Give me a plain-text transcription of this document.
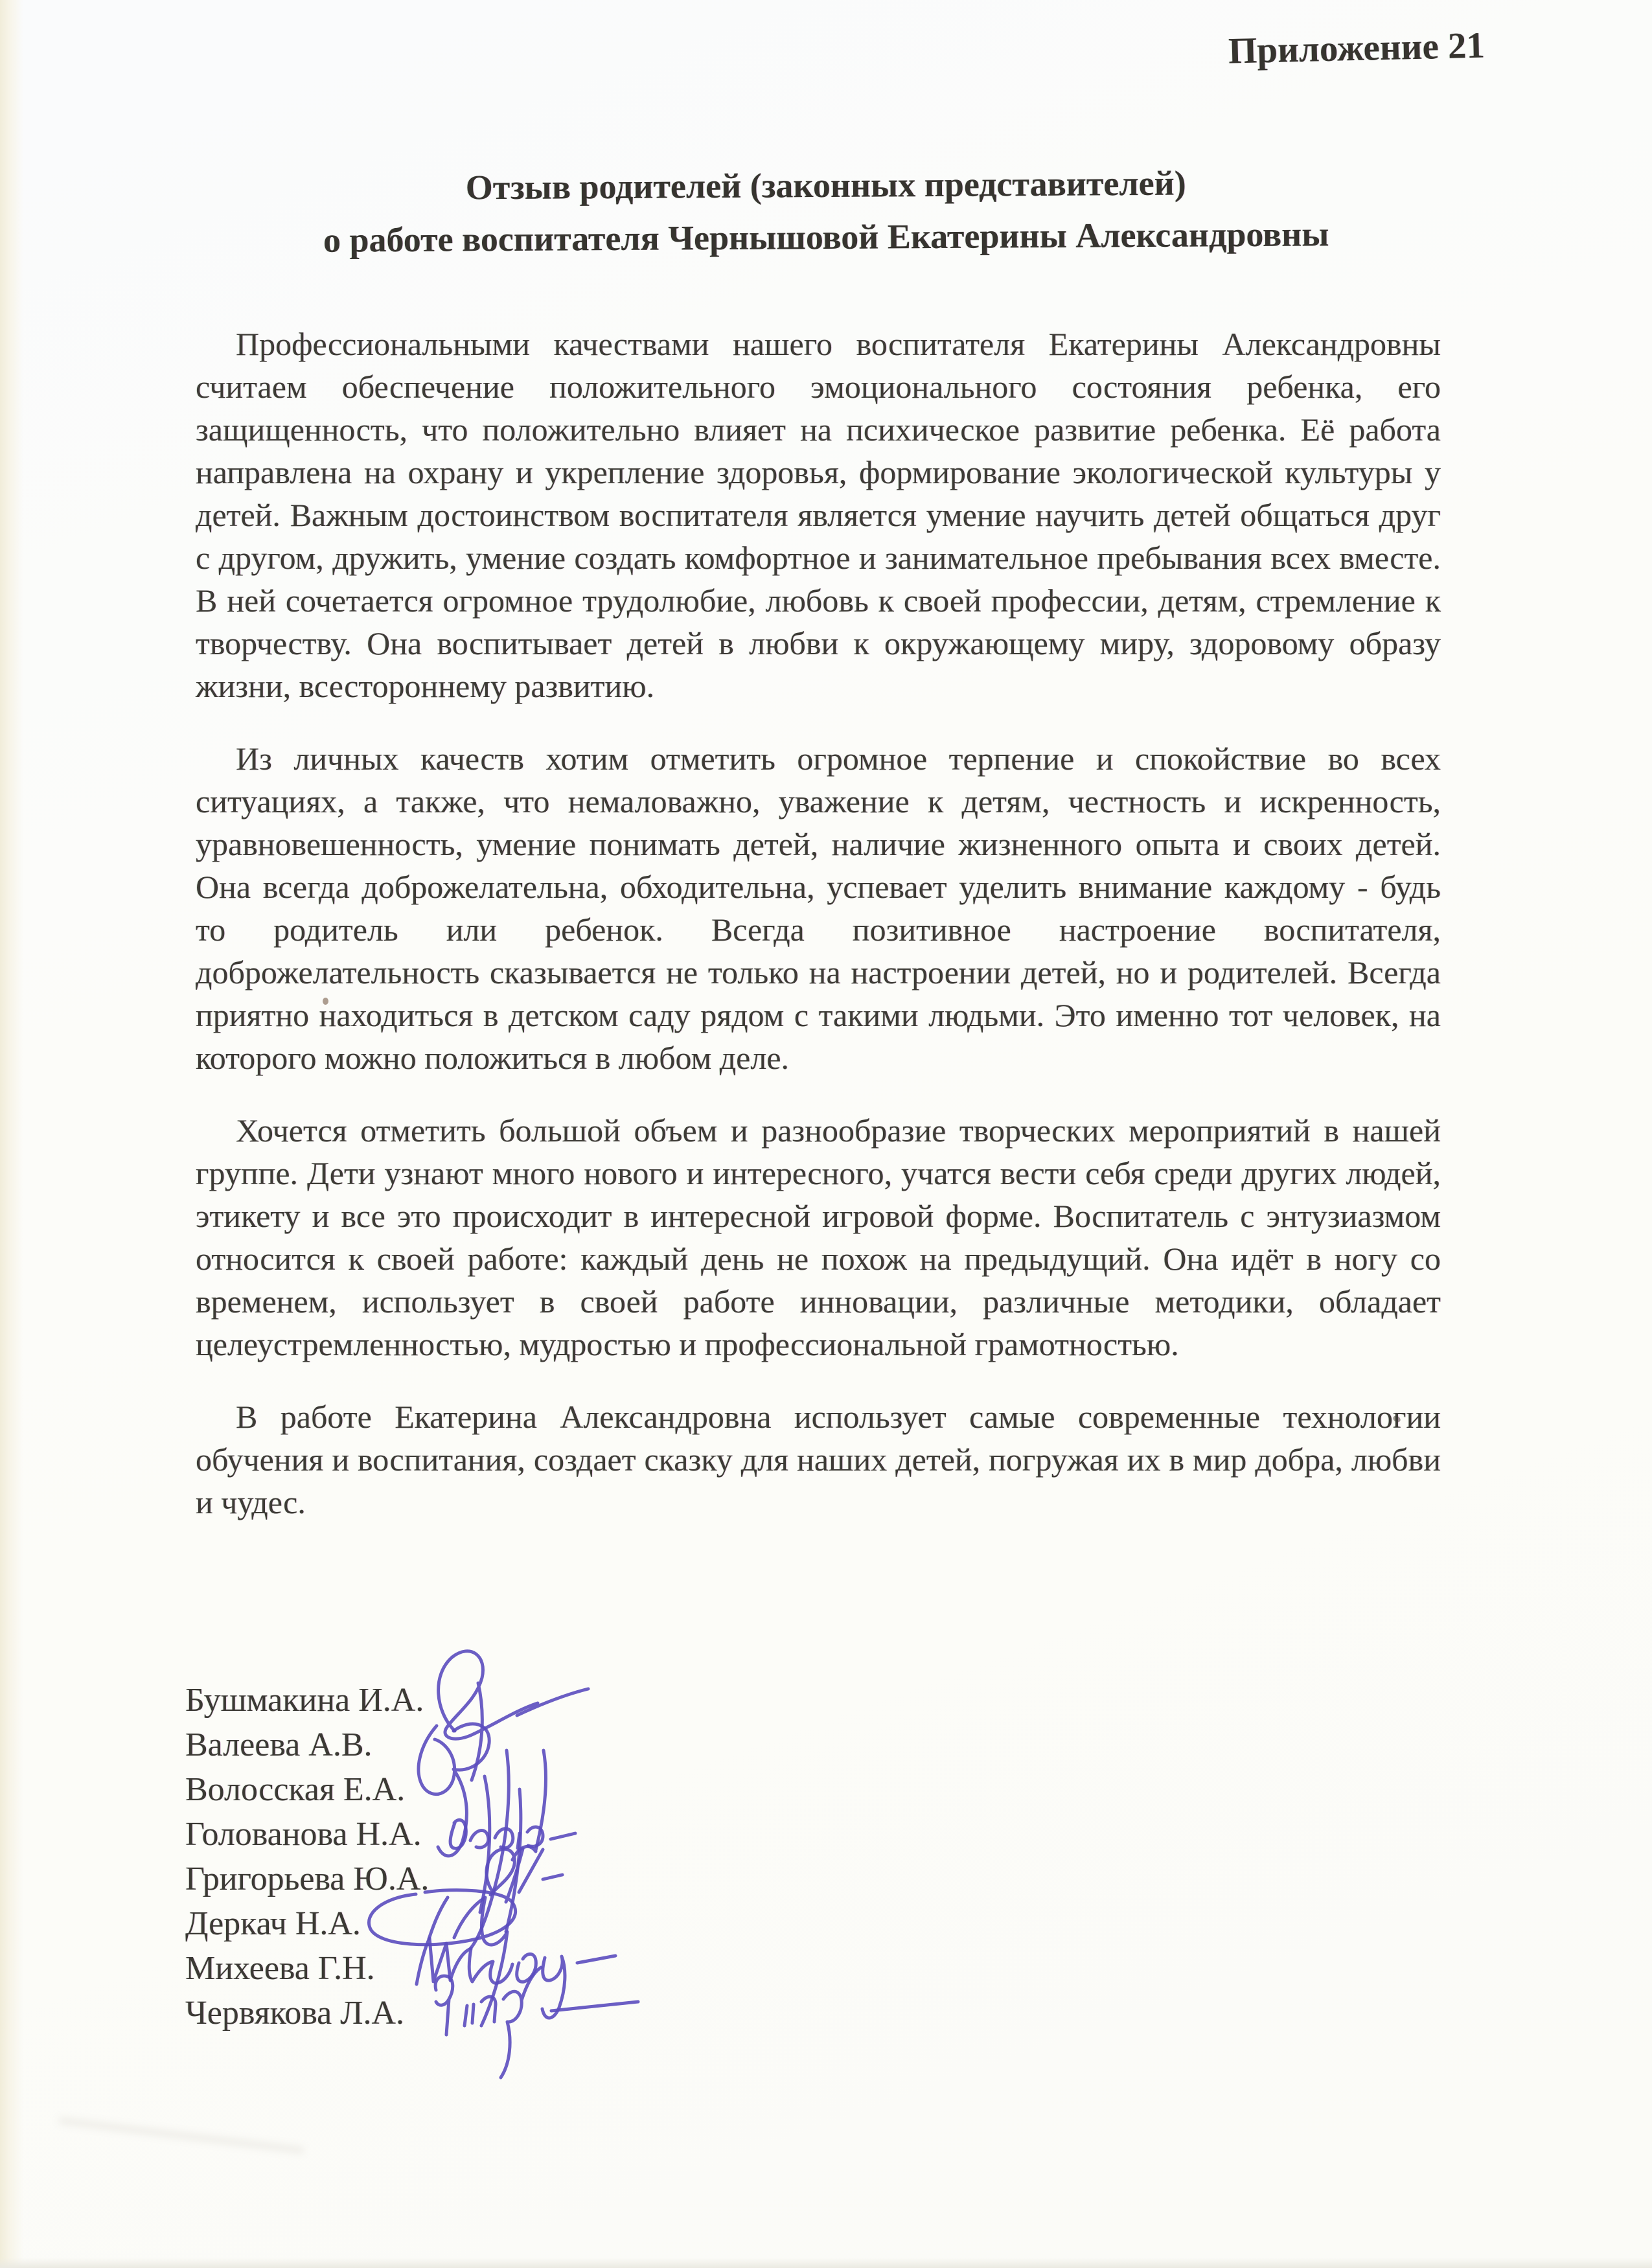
Приложение 21
Отзыв родителей (законных представителей)
о работе воспитателя Чернышовой Екатерины Александровны

Профессиональными качествами нашего воспитателя Екатерины Александровны считаем обеспечение положительного эмоционального состояния ребенка, его защищенность, что положительно влияет на психическое развитие ребенка. Её работа направлена на охрану и укрепление здоровья, формирование экологической культуры у детей. Важным достоинством воспитателя является умение научить детей общаться друг с другом, дружить, умение создать комфортное и занимательное пребывания всех вместе. В ней сочетается огромное трудолюбие, любовь к своей профессии, детям, стремление к творчеству. Она воспитывает детей в любви к окружающему миру, здоровому образу жизни, всестороннему развитию.

Из личных качеств хотим отметить огромное терпение и спокойствие во всех ситуациях, а также, что немаловажно, уважение к детям, честность и искренность, уравновешенность, умение понимать детей, наличие жизненного опыта и своих детей. Она всегда доброжелательна, обходительна, успевает уделить внимание каждому - будь то родитель или ребенок. Всегда позитивное настроение воспитателя, доброжелательность сказывается не только на настроении детей, но и родителей. Всегда приятно находиться в детском саду рядом с такими людьми. Это именно тот человек, на которого можно положиться в любом деле.

Хочется отметить большой объем и разнообразие творческих мероприятий в нашей группе. Дети узнают много нового и интересного, учатся вести себя среди других людей, этикету и все это происходит в интересной игровой форме. Воспитатель с энтузиазмом относится к своей работе: каждый день не похож на предыдущий. Она идёт в ногу со временем, использует в своей работе инновации, различные методики, обладает целеустремленностью, мудростью и профессиональной грамотностью.

В работе Екатерина Александровна использует самые современные технологии обучения и воспитания, создает сказку для наших детей, погружая их в мир добра, любви и чудес.

Бушмакина И.А.
Валеева А.В.
Волосская Е.А.
Голованова Н.А.
Григорьева Ю.А.
Деркач Н.А.
Михеева Г.Н.
Червякова Л.А.
